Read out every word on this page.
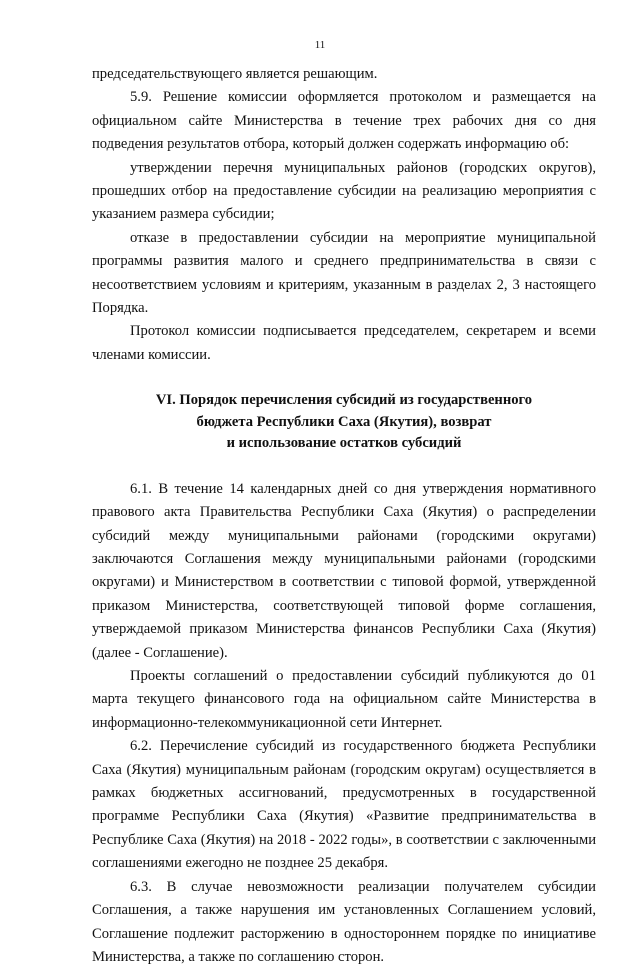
11

председательствующего является решающим.

5.9. Решение комиссии оформляется протоколом и размещается на официальном сайте Министерства в течение трех рабочих дня со дня подведения результатов отбора, который должен содержать информацию об:

утверждении перечня муниципальных районов (городских округов), прошедших отбор на предоставление субсидии на реализацию мероприятия с указанием размера субсидии;

отказе в предоставлении субсидии на мероприятие муниципальной программы развития малого и среднего предпринимательства в связи с несоответствием условиям и критериям, указанным в разделах 2, 3 настоящего Порядка.

Протокол комиссии подписывается председателем, секретарем и всеми членами комиссии.

VI. Порядок перечисления субсидий из государственного
бюджета Республики Саха (Якутия), возврат
и использование остатков субсидий

6.1. В течение 14 календарных дней со дня утверждения нормативного правового акта Правительства Республики Саха (Якутия) о распределении субсидий между муниципальными районами (городскими округами) заключаются Соглашения между муниципальными районами (городскими округами) и Министерством в соответствии с типовой формой, утвержденной приказом Министерства, соответствующей типовой форме соглашения, утверждаемой приказом Министерства финансов Республики Саха (Якутия) (далее - Соглашение).

Проекты соглашений о предоставлении субсидий публикуются до 01 марта текущего финансового года на официальном сайте Министерства в информационно-телекоммуникационной сети Интернет.

6.2. Перечисление субсидий из государственного бюджета Республики Саха (Якутия) муниципальным районам (городским округам) осуществляется в рамках бюджетных ассигнований, предусмотренных в государственной программе Республики Саха (Якутия) «Развитие предпринимательства в Республике Саха (Якутия) на 2018 - 2022 годы», в соответствии с заключенными соглашениями ежегодно не позднее 25 декабря.

6.3. В случае невозможности реализации получателем субсидии Соглашения, а также нарушения им установленных Соглашением условий, Соглашение подлежит расторжению в одностороннем порядке по инициативе Министерства, а также по соглашению сторон.
